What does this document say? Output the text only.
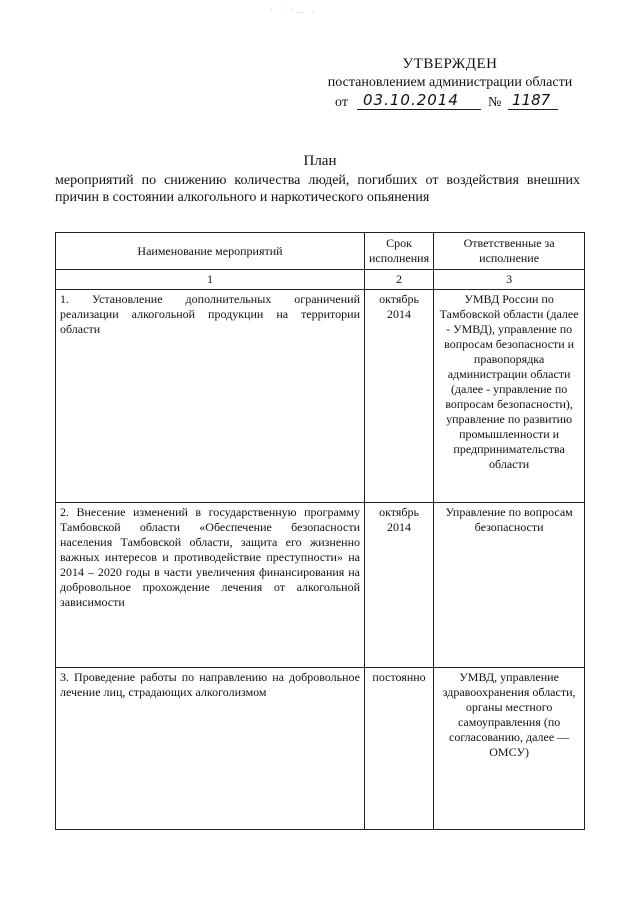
· ˙ ·.. .
УТВЕРЖДЕН
постановлением администрации области
от	03.10.2014	№ 1187
План
мероприятий по снижению количества людей, погибших от воздействия внешних причин в состоянии алкогольного и наркотического опьянения
Наименование мероприятий	Срок исполнения	Ответственные за исполнение
1	2	3
1. Установление дополнительных ограничений реализации алкогольной продукции на территории области	октябрь 2014	УМВД России по Тамбовской области (далее - УМВД), управление по вопросам безопасности и правопорядка администрации области (далее - управление по вопросам безопасности), управление по развитию промышленности и предпринимательства области
2. Внесение изменений в государственную программу Тамбовской области «Обеспечение безопасности населения Тамбовской области, защита его жизненно важных интересов и противодействие преступности» на 2014 – 2020 годы в части увеличения финансирования на добровольное прохождение лечения от алкогольной зависимости	октябрь 2014	Управление по вопросам безопасности
3. Проведение работы по направлению на добровольное лечение лиц, страдающих алкоголизмом	постоянно	УМВД, управление здравоохранения области, органы местного самоуправления (по согласованию, далее — ОМСУ)
